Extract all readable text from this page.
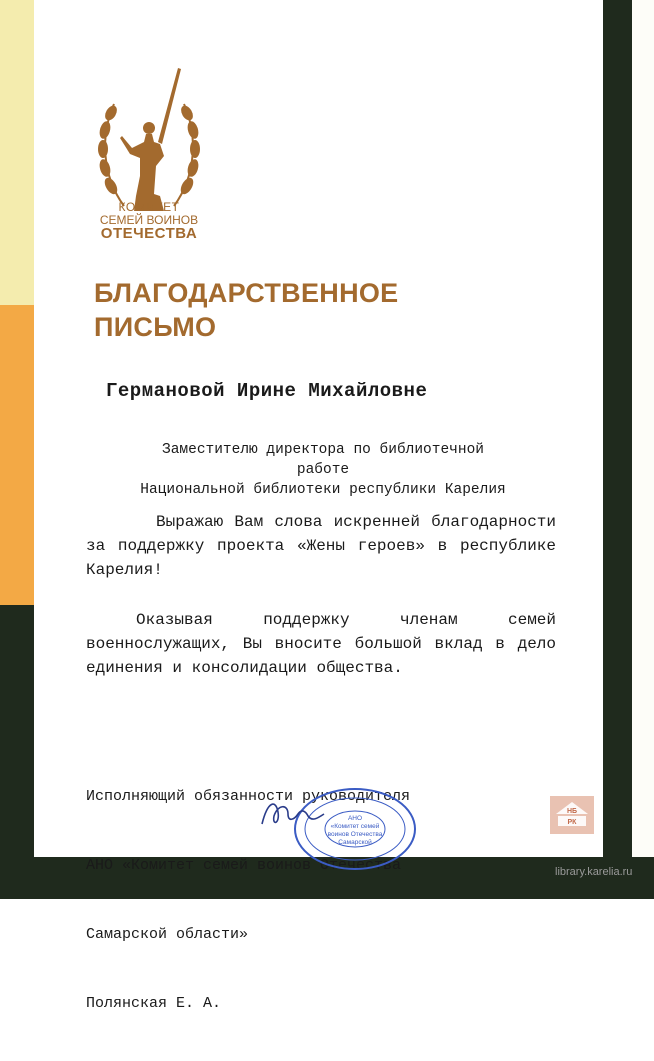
КОМИТЕТ
СЕМЕЙ ВОИНОВ
ОТЕЧЕСТВА
БЛАГОДАРСТВЕННОЕ
ПИСЬМО
Германовой Ирине Михайловне
Заместителю директора по библиотечной
работе
Национальной библиотеки республики Карелия
Выражаю Вам слова искренней благодарности за поддержку проекта «Жены героев» в республике Карелия!
Оказывая поддержку членам семей военнослужащих, Вы вносите большой вклад в дело единения и консолидации общества.

Исполняющий обязанности руководителя

АНО «Комитет семей воинов Отечества

Самарской области»

Полянская Е. А.

АНО
«Комитет семей
воинов Отечества
Самарской
НБ
РК
library.karelia.ru
